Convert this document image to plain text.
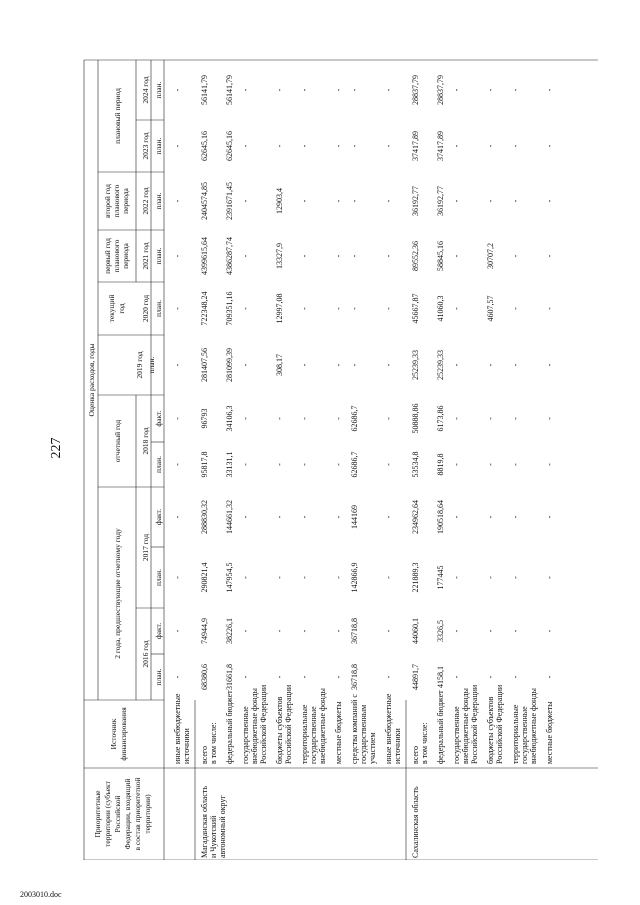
227
2003010.doc
Приоритетные территории (субъект Российской Федерации, входящий в состав приоритетной территории)
Источник финансирования
Оценка расходов, годы
2 года, предшествующие отчетному году
отчетный год
текущий год
первый год планового периода
второй год планового периода
плановый период
2016 год
2017 год
2018 год
2019 год
2020 год
2021 год
2022 год
2023 год
2024 год
план.
факт.
план.
факт.
план.
факт.
план.
план.
план.
план.
план.
план.
иные внебюджетные источники
-
-
-
-
-
-
-
-
-
-
-
-
Магаданская область и Чукотский автономный округ
всего в том числе:
68380,6
74944,9
290821,4
288830,32
95817,8
96793
281407,56
722348,24
4399615,64
2404574,85
62645,16
56141,79
федеральный бюджет
31661,8
38226,1
147954,5
144661,32
33131,1
34106,3
281099,39
709351,16
4386287,74
2391671,45
62645,16
56141,79
государственные внебюджетные фонды Российской Федерации
-
-
-
-
-
-
-
-
-
-
-
-
бюджеты субъектов Российской Федерации
-
-
-
-
-
-
308,17
12997,08
13327,9
12903,4
-
-
территориальные государственные внебюджетные фонды
-
-
-
-
-
-
-
-
-
-
-
-
местные бюджеты
-
-
-
-
-
-
-
-
-
-
-
-
средства компаний с государственным участием
36718,8
36718,8
142866,9
144169
62686,7
62686,7
-
-
-
-
-
-
иные внебюджетные источники
-
-
-
-
-
-
-
-
-
-
-
-
Сахалинская область
всего в том числе:
44891,7
44060,1
221889,3
234962,64
53534,8
50888,86
25239,33
45667,87
89552,36
36192,77
37417,89
28837,79
федеральный бюджет
4158,1
3326,5
177445
190518,64
8819,8
6173,86
25239,33
41060,3
58845,16
36192,77
37417,89
28837,79
государственные внебюджетные фонды Российской Федерации
-
-
-
-
-
-
-
-
-
-
-
-
бюджеты субъектов Российской Федерации
-
-
-
-
-
-
-
4607,57
30707,2
-
-
-
территориальные государственные внебюджетные фонды
-
-
-
-
-
-
-
-
-
-
-
-
местные бюджеты
-
-
-
-
-
-
-
-
-
-
-
-
